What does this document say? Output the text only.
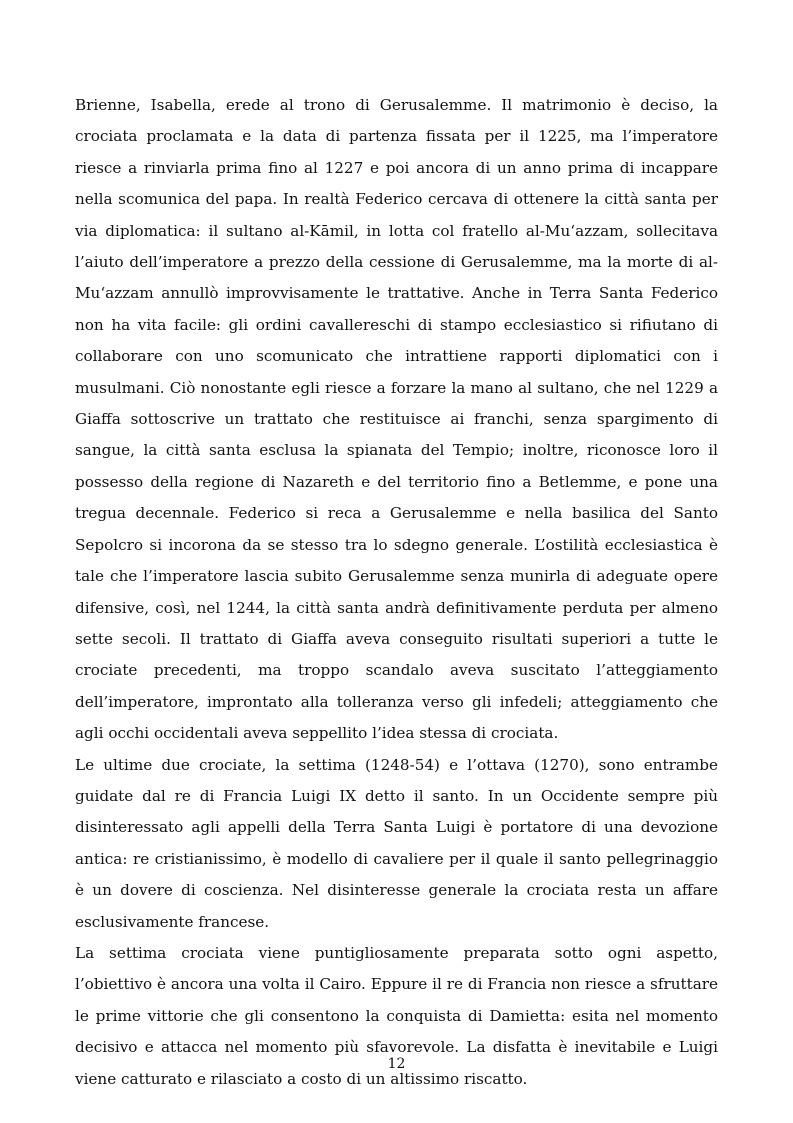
Brienne, Isabella, erede al trono di Gerusalemme. Il matrimonio è deciso, la crociata proclamata e la data di partenza fissata per il 1225, ma l’imperatore riesce a rinviarla prima fino al 1227 e poi ancora di un anno prima di incappare nella scomunica del papa. In realtà Federico cercava di ottenere la città santa per via diplomatica: il sultano al-Kāmil, in lotta col fratello al-Mu‘azzam, sollecitava l’aiuto dell’imperatore a prezzo della cessione di Gerusalemme, ma la morte di al-Mu‘azzam annullò improvvisamente le trattative. Anche in Terra Santa Federico non ha vita facile: gli ordini cavallereschi di stampo ecclesiastico si rifiutano di collaborare con uno scomunicato che intrattiene rapporti diplomatici con i musulmani. Ciò nonostante egli riesce a forzare la mano al sultano, che nel 1229 a Giaffa sottoscrive un trattato che restituisce ai franchi, senza spargimento di sangue, la città santa esclusa la spianata del Tempio; inoltre, riconosce loro il possesso della regione di Nazareth e del territorio fino a Betlemme, e pone una tregua decennale. Federico si reca a Gerusalemme e nella basilica del Santo Sepolcro si incorona da se stesso tra lo sdegno generale. L’ostilità ecclesiastica è tale che l’imperatore lascia subito Gerusalemme senza munirla di adeguate opere difensive, così, nel 1244, la città santa andrà definitivamente perduta per almeno sette secoli. Il trattato di Giaffa aveva conseguito risultati superiori a tutte le crociate precedenti, ma troppo scandalo aveva suscitato l’atteggiamento dell’imperatore, improntato alla tolleranza verso gli infedeli; atteggiamento che agli occhi occidentali aveva seppellito l’idea stessa di crociata.

Le ultime due crociate, la settima (1248-54) e l’ottava (1270), sono entrambe guidate dal re di Francia Luigi IX detto il santo. In un Occidente sempre più disinteressato agli appelli della Terra Santa Luigi è portatore di una devozione antica: re cristianissimo, è modello di cavaliere per il quale il santo pellegrinaggio è un dovere di coscienza. Nel disinteresse generale la crociata resta un affare esclusivamente francese.

La settima crociata viene puntigliosamente preparata sotto ogni aspetto, l’obiettivo è ancora una volta il Cairo. Eppure il re di Francia non riesce a sfruttare le prime vittorie che gli consentono la conquista di Damietta: esita nel momento decisivo e attacca nel momento più sfavorevole. La disfatta è inevitabile e Luigi viene catturato e rilasciato a costo di un altissimo riscatto.

12
